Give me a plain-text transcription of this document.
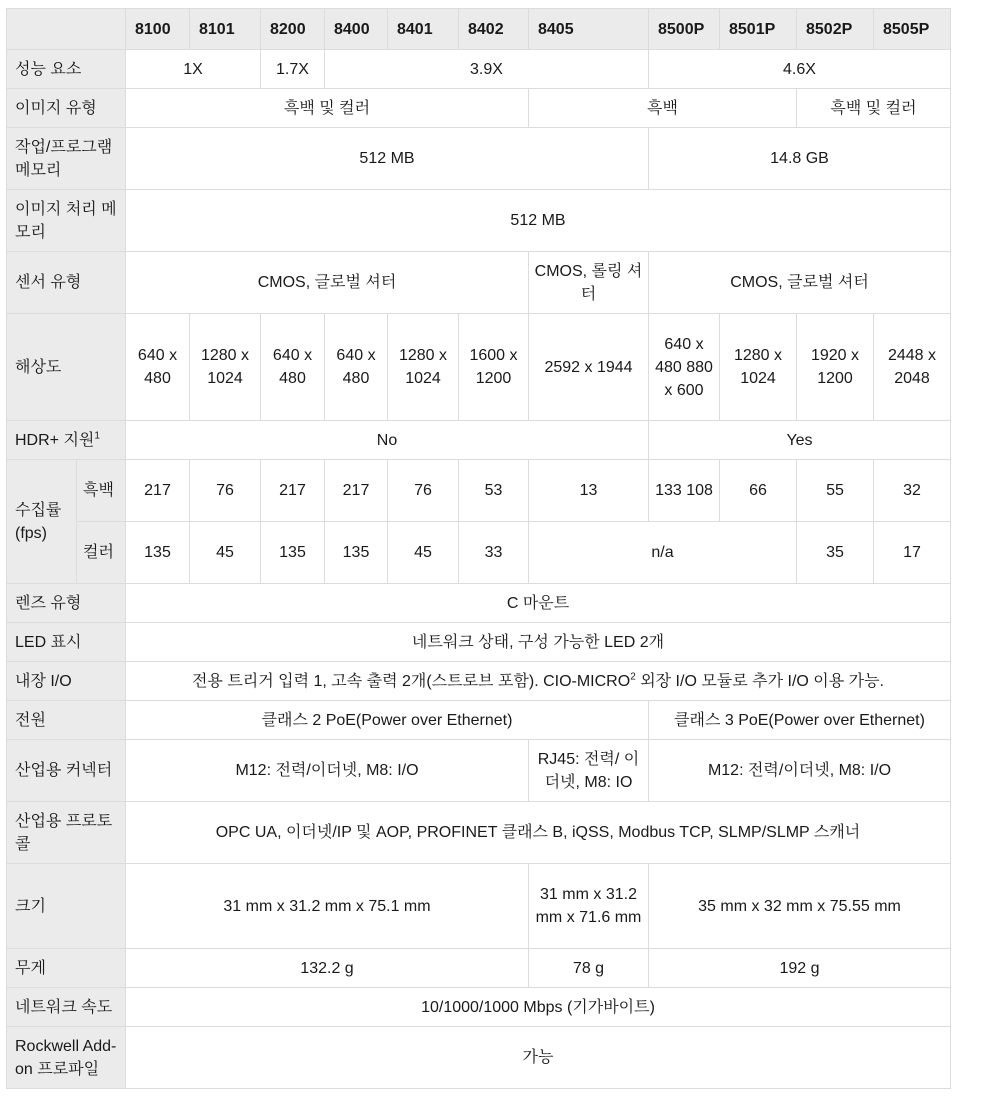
		8100	8101	8200	8400	8401	8402	8405	8500P	8501P	8502P	8505P
성능 요소		1X		1.7X	3.9X				4.6X			
이미지 유형		흑백 및 컬러						흑백			흑백 및 컬러	
작업/프로그램 메모리		512 MB							14.8 GB			
이미지 처리 메모리		512 MB										
센서 유형		CMOS, 글로벌 셔터						CMOS, 롤링 셔터	CMOS, 글로벌 셔터			
해상도		640 x 480	1280 x 1024	640 x 480	640 x 480	1280 x 1024	1600 x 1200	2592 x 1944	640 x 480 880 x 600	1280 x 1024	1920 x 1200	2448 x 2048
HDR+ 지원$^1$		No							Yes			
수집률 (fps)	흑백	217	76	217	217	76	53	13	133 108	66	55	32
	컬러	135	45	135	135	45	33	n/a			35	17
렌즈 유형		C 마운트										
LED 표시		네트워크 상태, 구성 가능한 LED 2개										
내장 I/O		전용 트리거 입력 1, 고속 출력 2개(스트로브 포함). CIO-MICRO$^2$ 외장 I/O 모듈로 추가 I/O 이용 가능.										
전원		클래스 2 PoE(Power over Ethernet)							클래스 3 PoE(Power over Ethernet)			
산업용 커넥터		M12: 전력/이더넷, M8: I/O						RJ45: 전력/ 이더넷, M8: IO	M12: 전력/이더넷, M8: I/O			
산업용 프로토콜		OPC UA, 이더넷/IP 및 AOP, PROFINET 클래스 B, iQSS, Modbus TCP, SLMP/SLMP 스캐너										
크기		31 mm x 31.2 mm x 75.1 mm						31 mm x 31.2 mm x 71.6 mm	35 mm x 32 mm x 75.55 mm			
무게		132.2 g						78 g	192 g			
네트워크 속도		10/1000/1000 Mbps (기가바이트)										
Rockwell Add-on 프로파일		가능										
